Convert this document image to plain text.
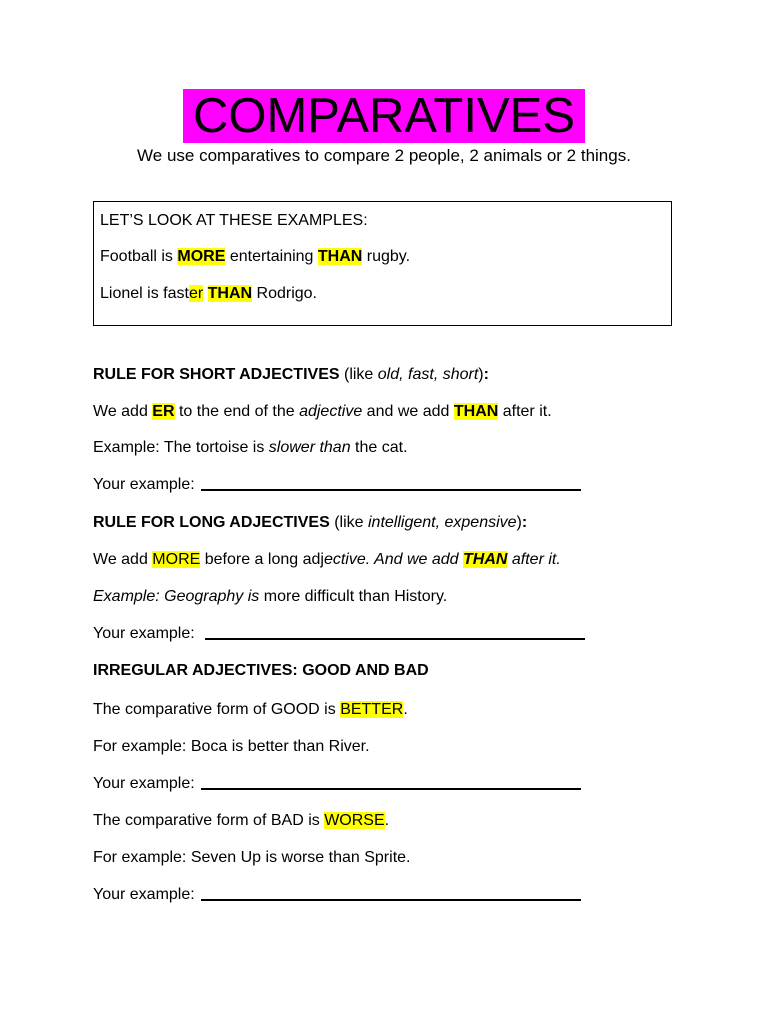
COMPARATIVES
We use comparatives to compare 2 people, 2 animals or 2 things.
LET’S LOOK AT THESE EXAMPLES:
Football is MORE entertaining THAN rugby.
Lionel is faster THAN Rodrigo.
RULE FOR SHORT ADJECTIVES (like old, fast, short):
We add ER to the end of the adjective and we add THAN after it.
Example: The tortoise is slower than the cat.
Your example:
RULE FOR LONG ADJECTIVES (like intelligent, expensive):
We add MORE before a long adjective. And we add THAN after it.
Example: Geography is more difficult than History.
Your example:
IRREGULAR ADJECTIVES: GOOD AND BAD
The comparative form of GOOD is BETTER.
For example: Boca is better than River.
Your example:
The comparative form of BAD is WORSE.
For example: Seven Up is worse than Sprite.
Your example:
